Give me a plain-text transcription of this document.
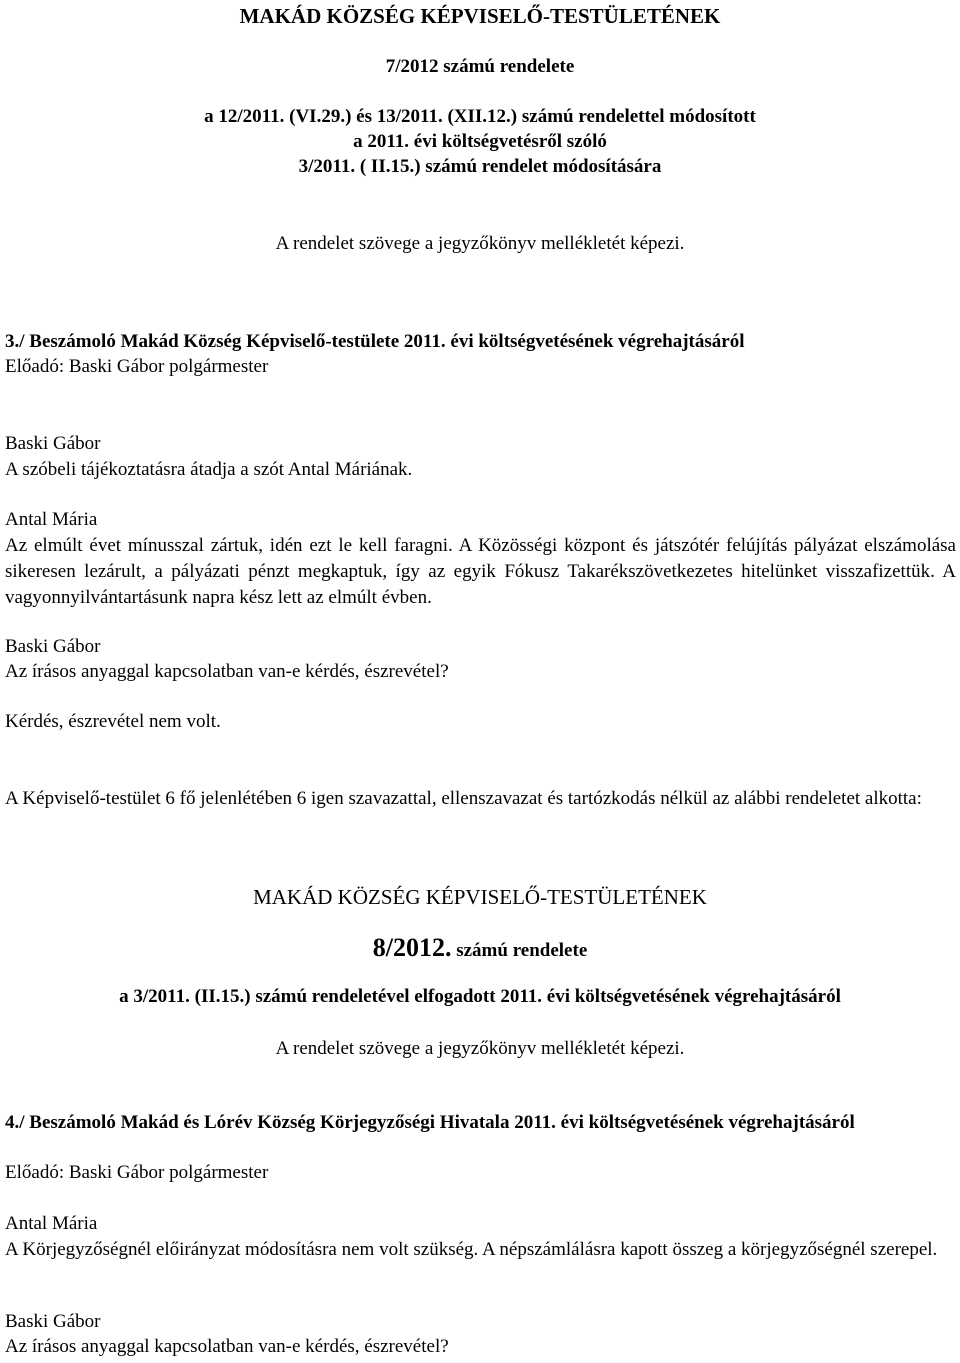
MAKÁD KÖZSÉG KÉPVISELŐ-TESTÜLETÉNEK
7/2012 számú rendelete
a 12/2011. (VI.29.) és 13/2011. (XII.12.) számú rendelettel módosított
a 2011. évi költségvetésről szóló
3/2011. ( II.15.) számú rendelet módosítására
A rendelet szövege a jegyzőkönyv mellékletét képezi.
3./ Beszámoló Makád Község Képviselő-testülete 2011. évi költségvetésének végrehajtásáról
Előadó: Baski Gábor polgármester
Baski Gábor
A szóbeli tájékoztatásra átadja a szót Antal Máriának.
Antal Mária
Az elmúlt évet mínusszal zártuk, idén ezt le kell faragni. A Közösségi központ és játszótér felújítás pályázat elszámolása sikeresen lezárult, a pályázati pénzt megkaptuk, így az egyik Fókusz Takarékszövetkezetes hitelünket visszafizettük. A vagyonnyilvántartásunk napra kész lett az elmúlt évben.
Baski Gábor
Az írásos anyaggal kapcsolatban van-e kérdés, észrevétel?
Kérdés, észrevétel nem volt.
A Képviselő-testület 6 fő jelenlétében 6 igen szavazattal, ellenszavazat és tartózkodás nélkül az alábbi rendeletet alkotta:
MAKÁD KÖZSÉG KÉPVISELŐ-TESTÜLETÉNEK
8/2012. számú rendelete
a 3/2011. (II.15.) számú rendeletével elfogadott 2011. évi költségvetésének végrehajtásáról
A rendelet szövege a jegyzőkönyv mellékletét képezi.
4./ Beszámoló Makád és Lórév Község Körjegyzőségi Hivatala 2011. évi költségvetésének végrehajtásáról
Előadó: Baski Gábor polgármester
Antal Mária
A Körjegyzőségnél előirányzat módosításra nem volt szükség. A népszámlálásra kapott összeg a körjegyzőségnél szerepel.
Baski Gábor
Az írásos anyaggal kapcsolatban van-e kérdés, észrevétel?
